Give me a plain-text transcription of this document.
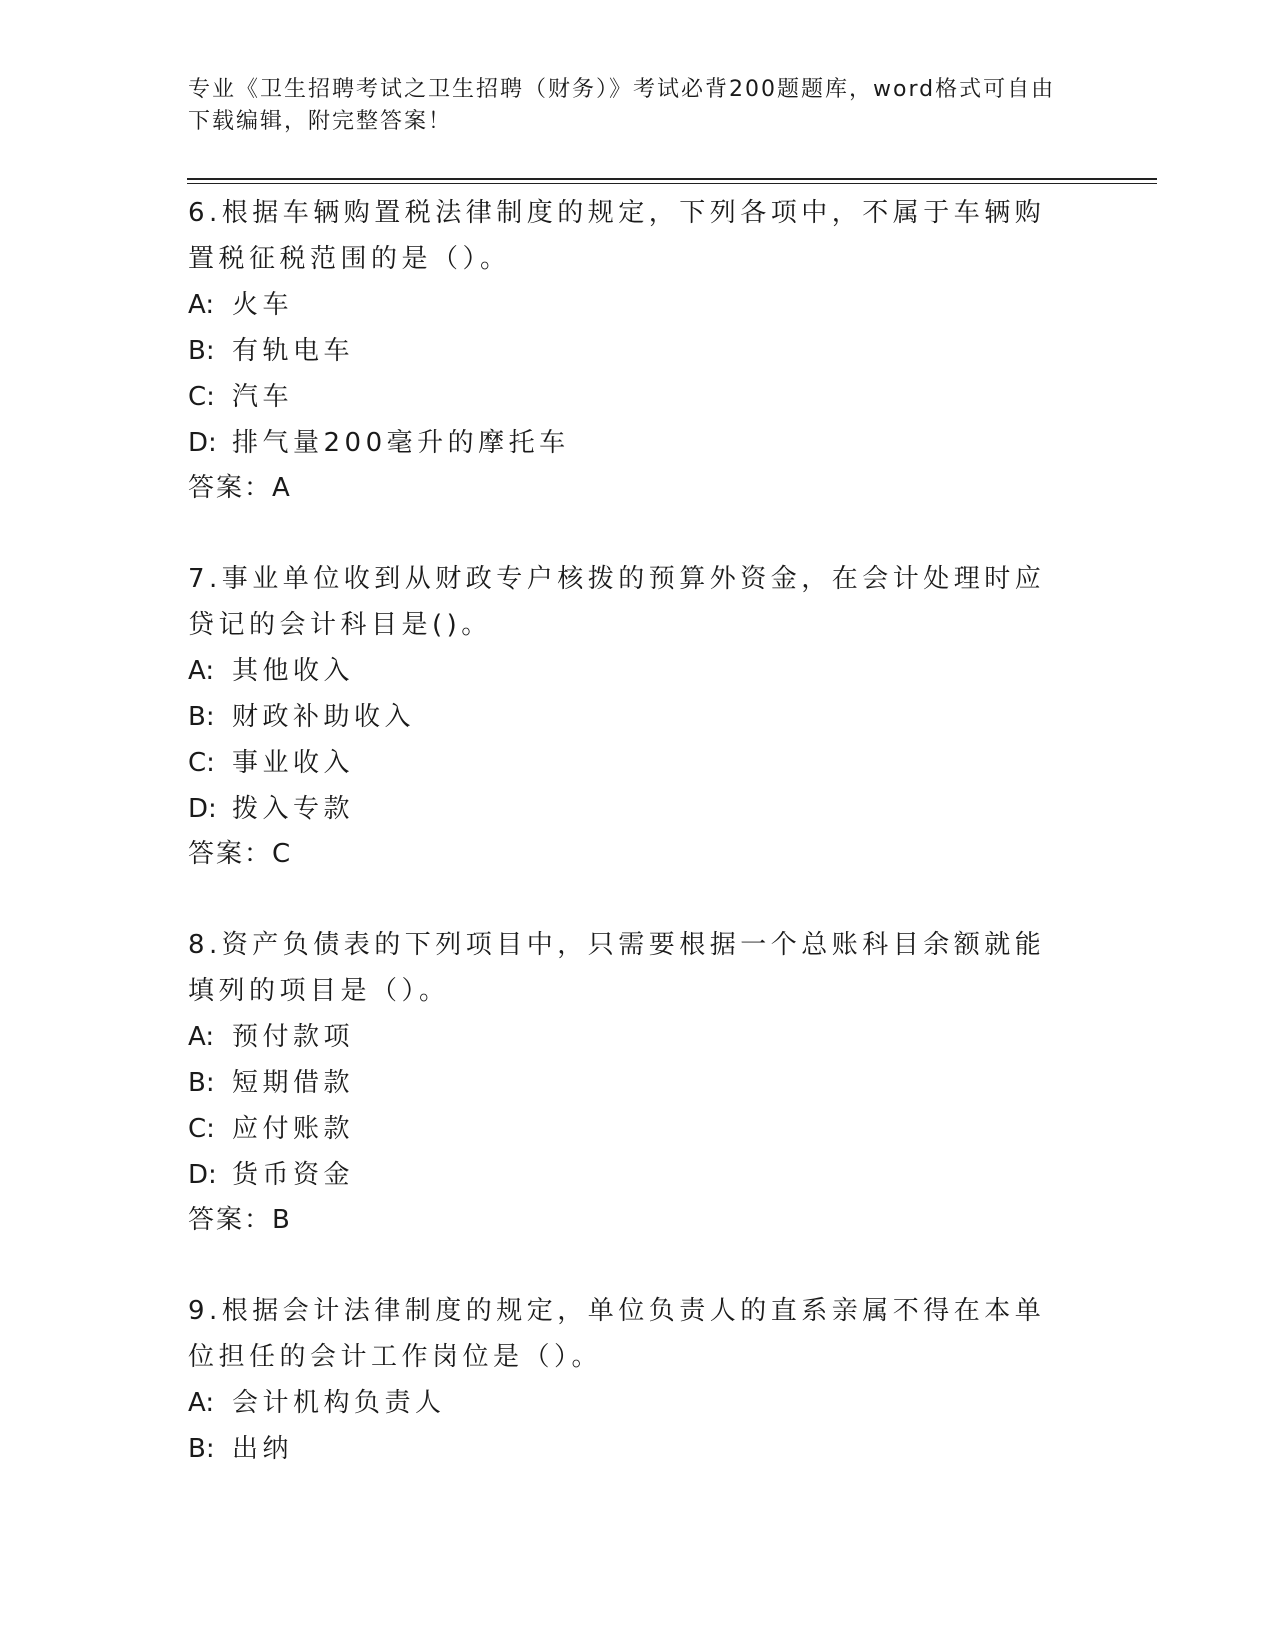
专业《卫生招聘考试之卫生招聘（财务）》考试必背200题题库，word格式可自由下载编辑，附完整答案！
6.根据车辆购置税法律制度的规定，下列各项中，不属于车辆购置税征税范围的是（）。
A: 火车
B: 有轨电车
C: 汽车
D: 排气量200毫升的摩托车
答案：A
7.事业单位收到从财政专户核拨的预算外资金，在会计处理时应贷记的会计科目是()。
A: 其他收入
B: 财政补助收入
C: 事业收入
D: 拨入专款
答案：C
8.资产负债表的下列项目中，只需要根据一个总账科目余额就能填列的项目是（）。
A: 预付款项
B: 短期借款
C: 应付账款
D: 货币资金
答案：B
9.根据会计法律制度的规定，单位负责人的直系亲属不得在本单位担任的会计工作岗位是（）。
A: 会计机构负责人
B: 出纳
